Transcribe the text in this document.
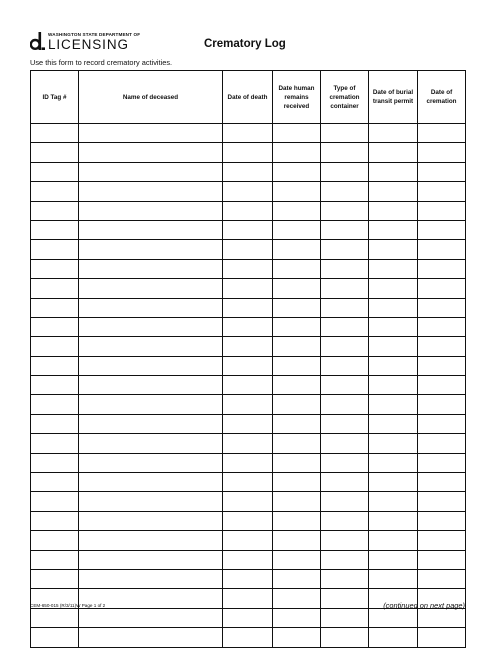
WASHINGTON STATE DEPARTMENT OF
LICENSING	Crematory Log
Use this form to record crematory activities.
ID Tag #	Name of deceased	Date of death	Date human remains received	Type of cremation container	Date of burial transit permit	Date of cremation

CEM-650-015 (R/3/11)W Page 1 of 2	(continued on next page)
